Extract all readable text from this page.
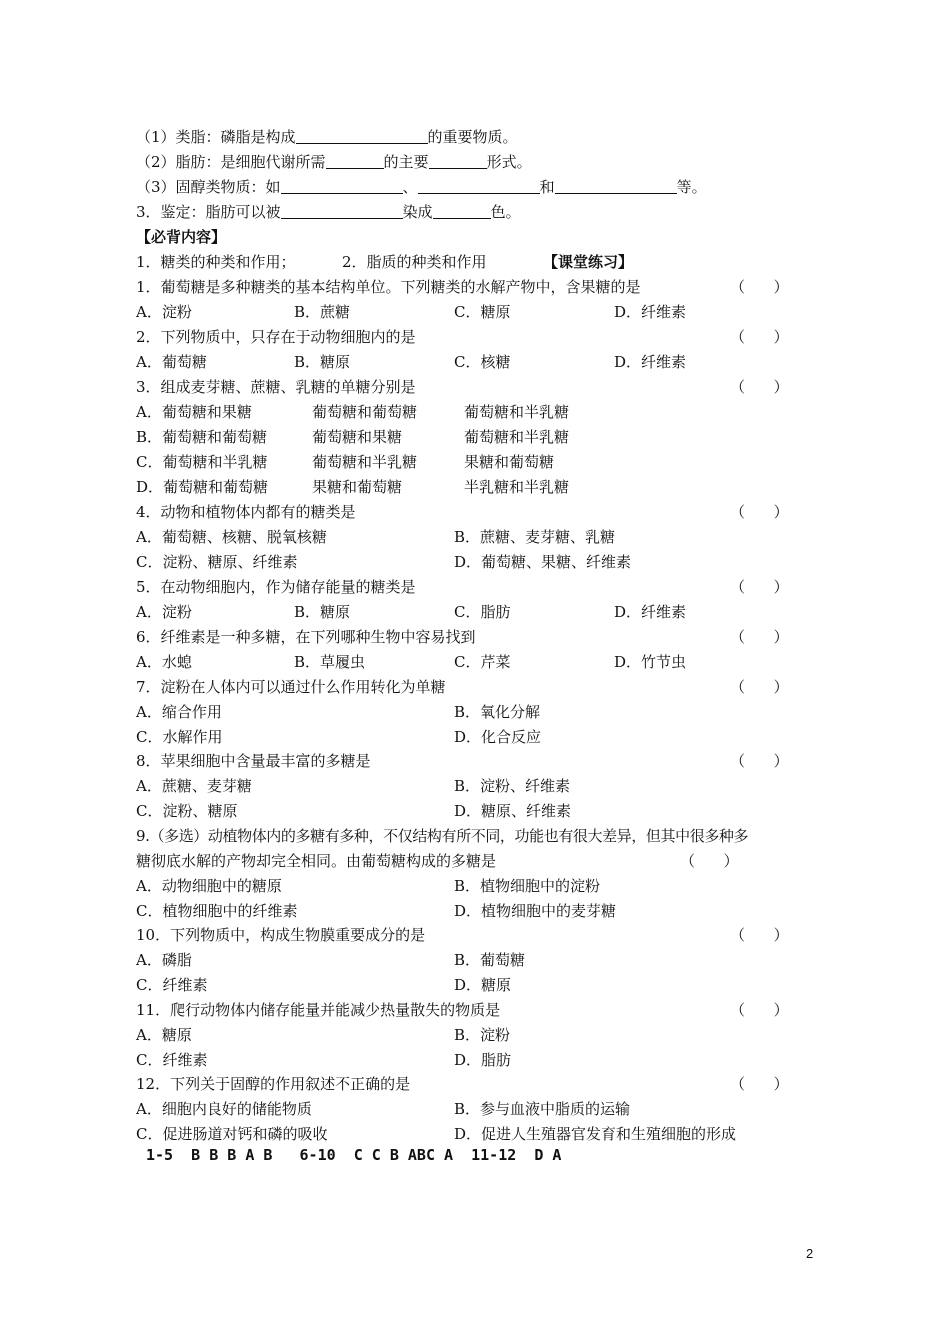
（1）类脂：磷脂是构成	的重要物质。
（2）脂肪：是细胞代谢所需	的主要	形式。
（3）固醇类物质：如	、	和	等。
3．鉴定：脂肪可以被	染成	色。
【必背内容】
1．糖类的种类和作用；	2．脂质的种类和作用	【课堂练习】
1．葡萄糖是多种糖类的基本结构单位。下列糖类的水解产物中，含果糖的是	（      ）
A．淀粉	B．蔗糖	C．糖原	D．纤维素
2．下列物质中，只存在于动物细胞内的是	（      ）
A．葡萄糖	B．糖原	C．核糖	D．纤维素
3．组成麦芽糖、蔗糖、乳糖的单糖分别是	（      ）
A．葡萄糖和果糖	葡萄糖和葡萄糖	葡萄糖和半乳糖
B．葡萄糖和葡萄糖	葡萄糖和果糖	葡萄糖和半乳糖
C．葡萄糖和半乳糖	葡萄糖和半乳糖	果糖和葡萄糖
D．葡萄糖和葡萄糖	果糖和葡萄糖	半乳糖和半乳糖
4．动物和植物体内都有的糖类是	（      ）
A．葡萄糖、核糖、脱氧核糖	B．蔗糖、麦芽糖、乳糖
C．淀粉、糖原、纤维素	D．葡萄糖、果糖、纤维素
5．在动物细胞内，作为储存能量的糖类是	（      ）
A．淀粉	B．糖原	C．脂肪	D．纤维素
6．纤维素是一种多糖，在下列哪种生物中容易找到	（      ）
A．水螅	B．草履虫	C．芹菜	D．竹节虫
7．淀粉在人体内可以通过什么作用转化为单糖	（      ）
A．缩合作用	B．氧化分解
C．水解作用	D．化合反应
8．苹果细胞中含量最丰富的多糖是	（      ）
A．蔗糖、麦芽糖	B．淀粉、纤维素
C．淀粉、糖原	D．糖原、纤维素
9.（多选）动植物体内的多糖有多种，不仅结构有所不同，功能也有很大差异，但其中很多种多
糖彻底水解的产物却完全相同。由葡萄糖构成的多糖是	（      ）
A．动物细胞中的糖原	B．植物细胞中的淀粉
C．植物细胞中的纤维素	D．植物细胞中的麦芽糖
10．下列物质中，构成生物膜重要成分的是	（      ）
A．磷脂	B．葡萄糖
C．纤维素	D．糖原
11．爬行动物体内储存能量并能减少热量散失的物质是	（      ）
A．糖原	B．淀粉
C．纤维素	D．脂肪
12．下列关于固醇的作用叙述不正确的是	（      ）
A．细胞内良好的储能物质	B．参与血液中脂质的运输
C．促进肠道对钙和磷的吸收	D．促进人生殖器官发育和生殖细胞的形成
1-5  B B B A B   6-10  C C B ABC A  11-12  D A
2
